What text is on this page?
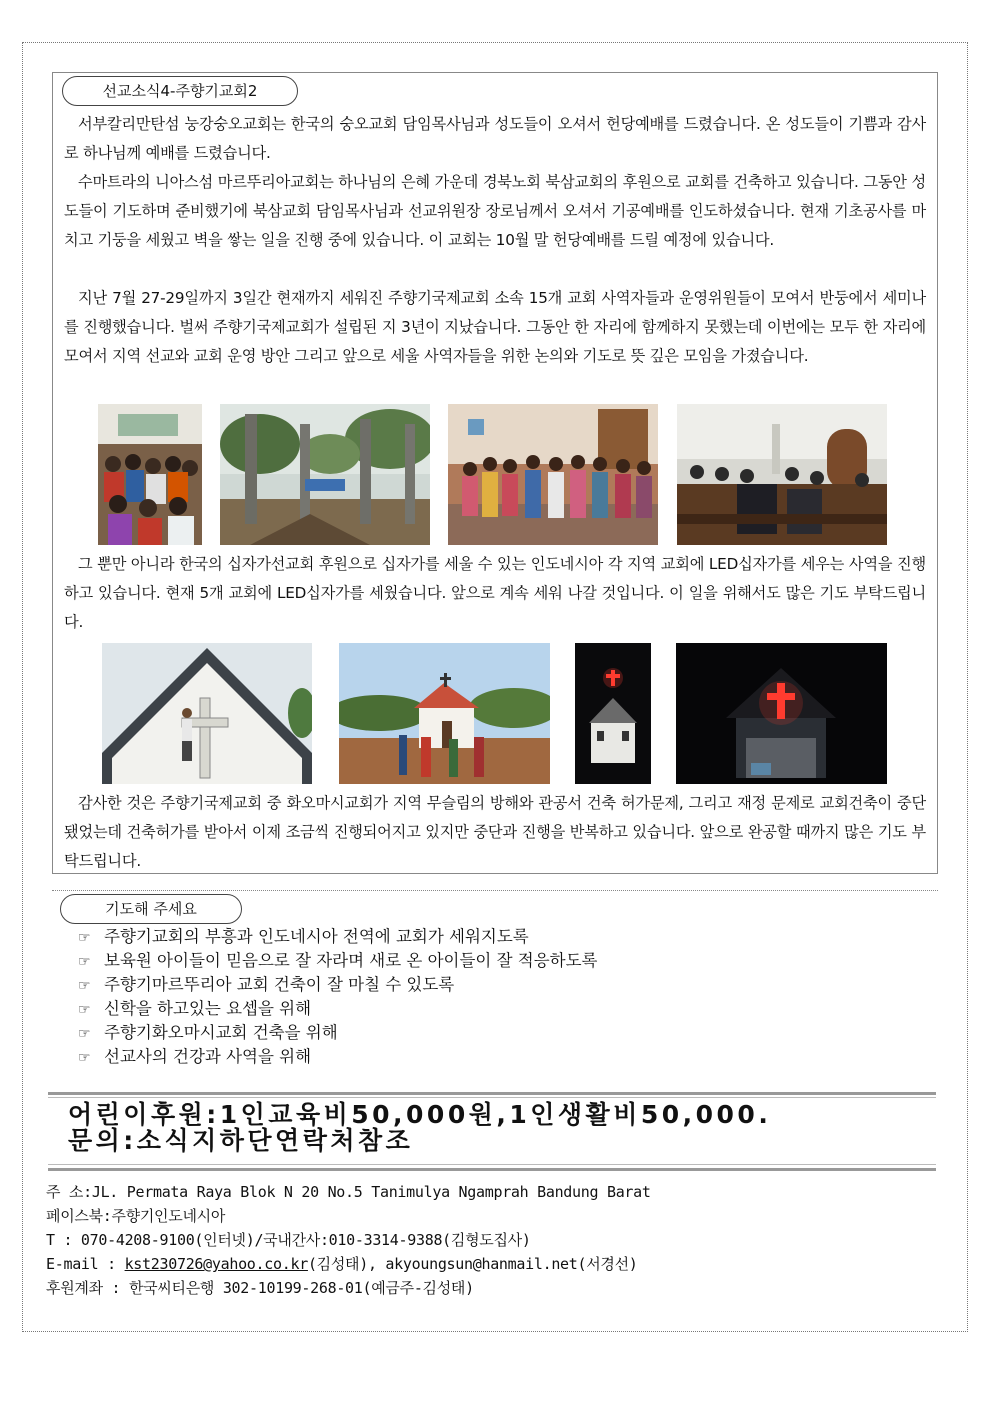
선교소식4-주향기교회2

서부칼리만탄섬 눙강숭오교회는 한국의 숭오교회 담임목사님과 성도들이 오셔서 헌당예배를 드렸습니다. 온 성도들이 기쁨과 감사로 하나님께 예배를 드렸습니다.

수마트라의 니아스섬 마르뚜리아교회는 하나님의 은혜 가운데 경북노회 북삼교회의 후원으로 교회를 건축하고 있습니다. 그동안 성도들이 기도하며 준비했기에 북삼교회 담임목사님과 선교위원장 장로님께서 오셔서 기공예배를 인도하셨습니다. 현재 기초공사를 마치고 기둥을 세웠고 벽을 쌓는 일을 진행 중에 있습니다. 이 교회는 10월 말 헌당예배를 드릴 예정에 있습니다.

지난 7월 27-29일까지 3일간 현재까지 세워진 주향기국제교회 소속 15개 교회 사역자들과 운영위원들이 모여서 반둥에서 세미나를 진행했습니다. 벌써 주향기국제교회가 설립된 지 3년이 지났습니다. 그동안 한 자리에 함께하지 못했는데 이번에는 모두 한 자리에 모여서 지역 선교와 교회 운영 방안 그리고 앞으로 세울 사역자들을 위한 논의와 기도로 뜻 깊은 모임을 가졌습니다.

그 뿐만 아니라 한국의 십자가선교회 후원으로 십자가를 세울 수 있는 인도네시아 각 지역 교회에 LED십자가를 세우는 사역을 진행하고 있습니다. 현재 5개 교회에 LED십자가를 세웠습니다. 앞으로 계속 세워 나갈 것입니다. 이 일을 위해서도 많은 기도 부탁드립니다.

감사한 것은 주향기국제교회 중 화오마시교회가 지역 무슬림의 방해와 관공서 건축 허가문제, 그리고 재정 문제로 교회건축이 중단됐었는데 건축허가를 받아서 이제 조금씩 진행되어지고 있지만 중단과 진행을 반복하고 있습니다. 앞으로 완공할 때까지 많은 기도 부탁드립니다.

기도해 주세요
☞ 주향기교회의 부흥과 인도네시아 전역에 교회가 세워지도록
☞ 보육원 아이들이 믿음으로 잘 자라며 새로 온 아이들이 잘 적응하도록
☞ 주향기마르뚜리아 교회 건축이 잘 마칠 수 있도록
☞ 신학을 하고있는 요셉을 위해
☞ 주향기화오마시교회 건축을 위해
☞ 선교사의 건강과 사역을 위해
어린이후원:1인교육비50,000원,1인생활비50,000.
문의:소식지하단연락처참조
주 소:JL. Permata Raya Blok N 20 No.5 Tanimulya Ngamprah Bandung Barat
페이스북:주향기인도네시아
T : 070-4208-9100(인터넷)/국내간사:010-3314-9388(김형도집사)
E-mail : kst230726@yahoo.co.kr(김성태), akyoungsun@hanmail.net(서경선)
후원계좌 : 한국씨티은행 302-10199-268-01(예금주-김성태)
